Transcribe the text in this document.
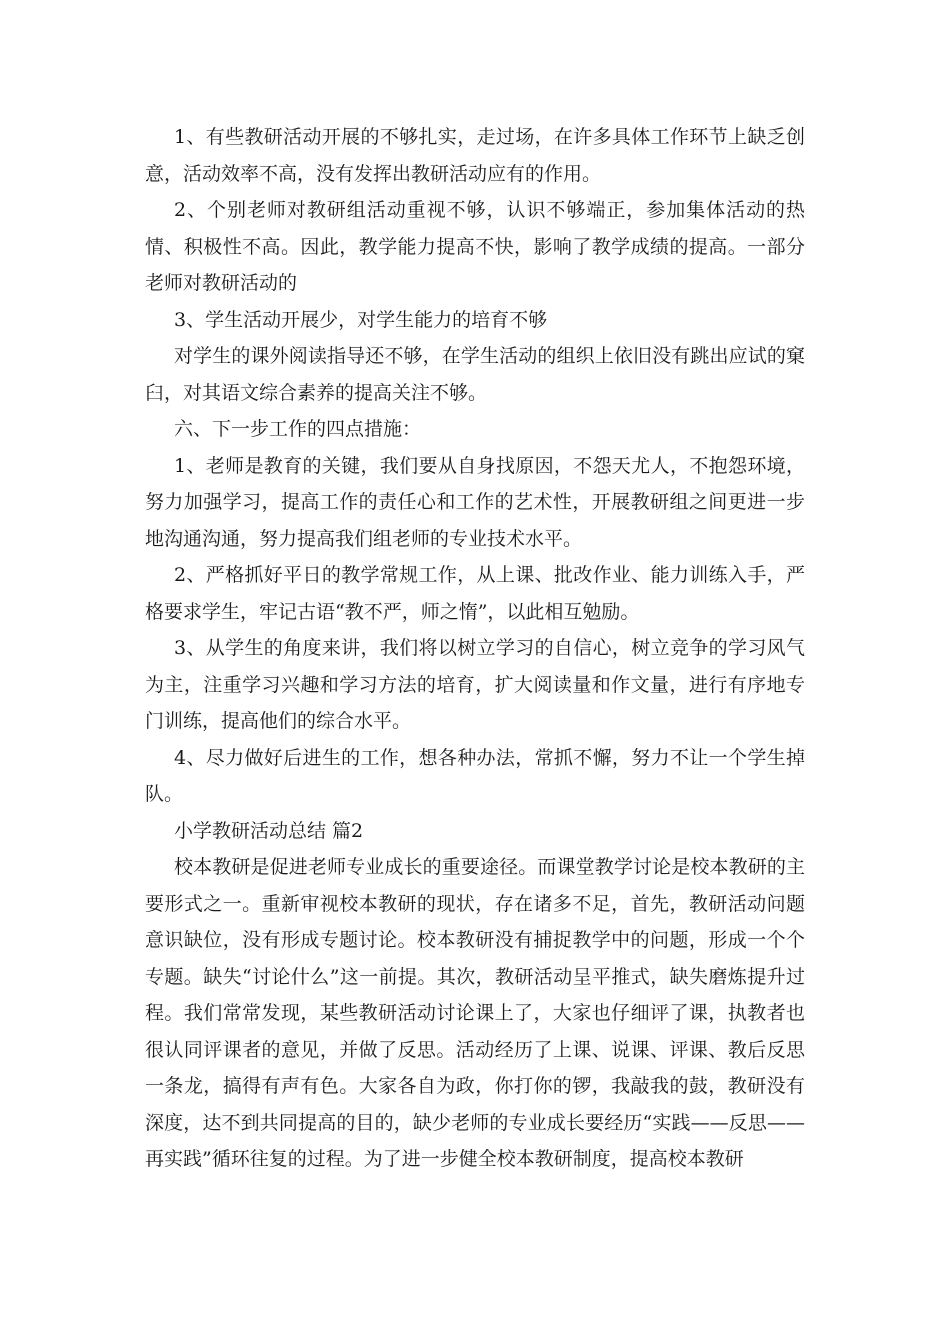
1、有些教研活动开展的不够扎实，走过场，在许多具体工作环节上缺乏创意，活动效率不高，没有发挥出教研活动应有的作用。

2、个别老师对教研组活动重视不够，认识不够端正，参加集体活动的热情、积极性不高。因此，教学能力提高不快，影响了教学成绩的提高。一部分老师对教研活动的

3、学生活动开展少，对学生能力的培育不够

对学生的课外阅读指导还不够，在学生活动的组织上依旧没有跳出应试的窠臼，对其语文综合素养的提高关注不够。

六、下一步工作的四点措施：

1、老师是教育的关键，我们要从自身找原因，不怨天尤人，不抱怨环境，努力加强学习，提高工作的责任心和工作的艺术性，开展教研组之间更进一步地沟通沟通，努力提高我们组老师的专业技术水平。

2、严格抓好平日的教学常规工作，从上课、批改作业、能力训练入手，严格要求学生，牢记古语“教不严，师之惰”，以此相互勉励。

3、从学生的角度来讲，我们将以树立学习的自信心，树立竞争的学习风气为主，注重学习兴趣和学习方法的培育，扩大阅读量和作文量，进行有序地专门训练，提高他们的综合水平。

4、尽力做好后进生的工作，想各种办法，常抓不懈，努力不让一个学生掉队。

小学教研活动总结 篇2

校本教研是促进老师专业成长的重要途径。而课堂教学讨论是校本教研的主要形式之一。重新审视校本教研的现状，存在诸多不足，首先，教研活动问题意识缺位，没有形成专题讨论。校本教研没有捕捉教学中的问题，形成一个个专题。缺失“讨论什么”这一前提。其次，教研活动呈平推式，缺失磨炼提升过程。我们常常发现，某些教研活动讨论课上了，大家也仔细评了课，执教者也很认同评课者的意见，并做了反思。活动经历了上课、说课、评课、教后反思一条龙，搞得有声有色。大家各自为政，你打你的锣，我敲我的鼓，教研没有深度，达不到共同提高的目的，缺少老师的专业成长要经历“实践——反思——再实践”循环往复的过程。为了进一步健全校本教研制度，提高校本教研
